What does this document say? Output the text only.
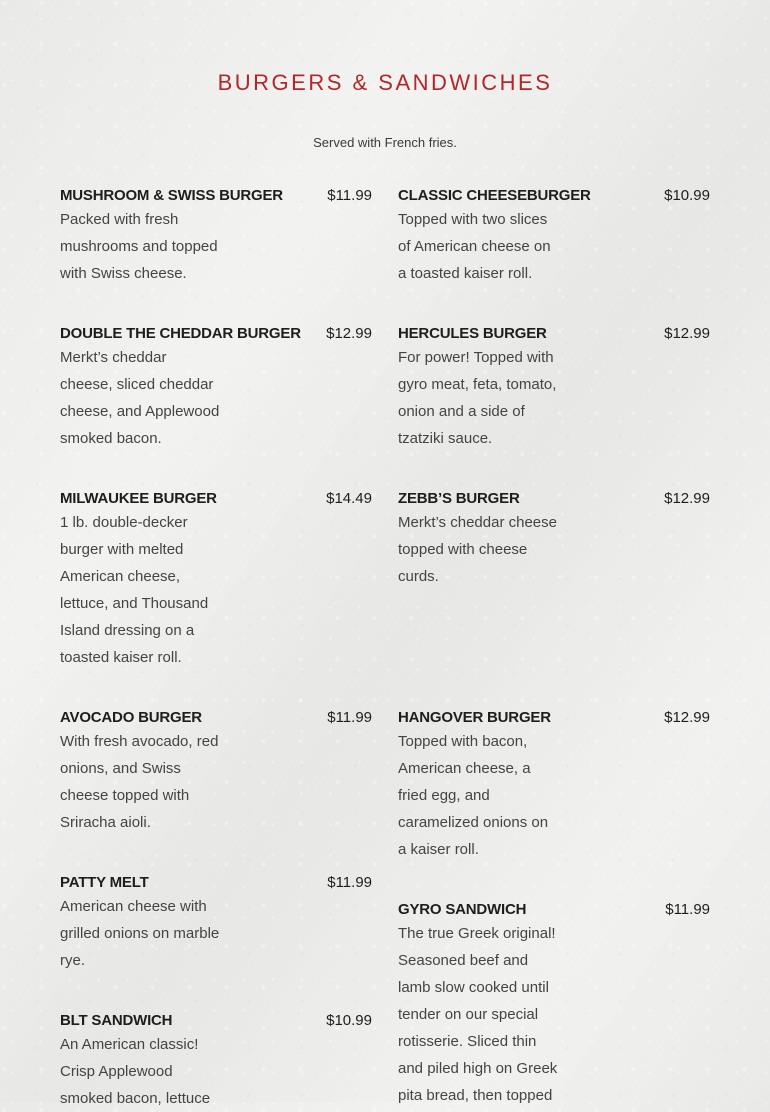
BURGERS & SANDWICHES
Served with French fries.
MUSHROOM & SWISS BURGER	$11.99
Packed with fresh mushrooms and topped with Swiss cheese.
DOUBLE THE CHEDDAR BURGER $12.99
Merkt’s cheddar cheese, sliced cheddar cheese, and Applewood smoked bacon.
MILWAUKEE BURGER	$14.49
1 lb. double-decker burger with melted American cheese, lettuce, and Thousand Island dressing on a toasted kaiser roll.
AVOCADO BURGER	$11.99
With fresh avocado, red onions, and Swiss cheese topped with Sriracha aioli.
PATTY MELT	$11.99
American cheese with grilled onions on marble rye.
BLT SANDWICH	$10.99
An American classic! Crisp Applewood smoked bacon, lettuce
CLASSIC CHEESEBURGER	$10.99
Topped with two slices of American cheese on a toasted kaiser roll.
HERCULES BURGER	$12.99
For power! Topped with gyro meat, feta, tomato, onion and a side of tzatziki sauce.
ZEBB’S BURGER	$12.99
Merkt’s cheddar cheese topped with cheese curds.
HANGOVER BURGER	$12.99
Topped with bacon, American cheese, a fried egg, and caramelized onions on a kaiser roll.
GYRO SANDWICH	$11.99
The true Greek original! Seasoned beef and lamb slow cooked until tender on our special rotisserie. Sliced thin and piled high on Greek pita bread, then topped
